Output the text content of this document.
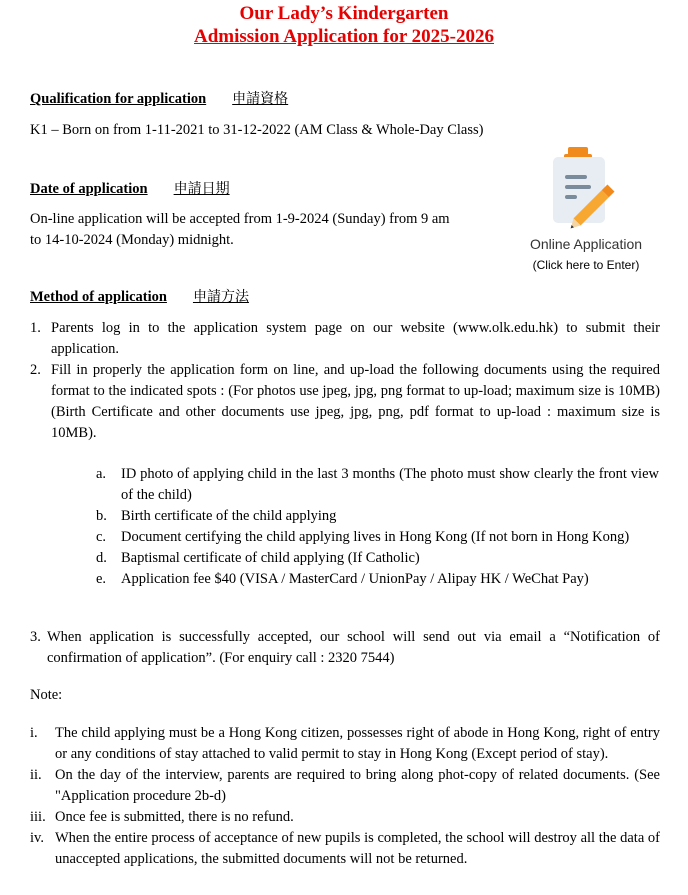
Our Lady’s Kindergarten
Admission Application for 2025-2026
Qualification for application 申請資格
K1 – Born on from 1-11-2021 to 31-12-2022 (AM Class & Whole-Day Class)
Date of application 申請日期
On-line application will be accepted from 1-9-2024 (Sunday) from 9 am
to 14-10-2024 (Monday) midnight.	Online Application
(Click here to Enter)
Method of application 申請方法
1. Parents log in to the application system page on our website (www.olk.edu.hk) to submit their application.
2. Fill in properly the application form on line, and up-load the following documents using the required format to the indicated spots : (For photos use jpeg, jpg, png format to up-load; maximum size is 10MB) (Birth Certificate and other documents use jpeg, jpg, png, pdf format to up-load : maximum size is 10MB).
a.	ID photo of applying child in the last 3 months (The photo must show clearly the front view of the child)
b. Birth certificate of the child applying
c.	Document certifying the child applying lives in Hong Kong (If not born in Hong Kong)
d. Baptismal certificate of child applying (If Catholic)
e.	Application fee $40 (VISA / MasterCard / UnionPay / Alipay HK / WeChat Pay)
3. When application is successfully accepted, our school will send out via email a “Notification of confirmation of application”. (For enquiry call : 2320 7544)
Note:
i.	The child applying must be a Hong Kong citizen, possesses right of abode in Hong Kong, right of entry or any conditions of stay attached to valid permit to stay in Hong Kong (Except period of stay).
ii. On the day of the interview, parents are required to bring along phot-copy of related documents. (See "Application procedure 2b-d)
iii. Once fee is submitted, there is no refund.
iv. When the entire process of acceptance of new pupils is completed, the school will destroy all the data of unaccepted applications, the submitted documents will not be returned.
